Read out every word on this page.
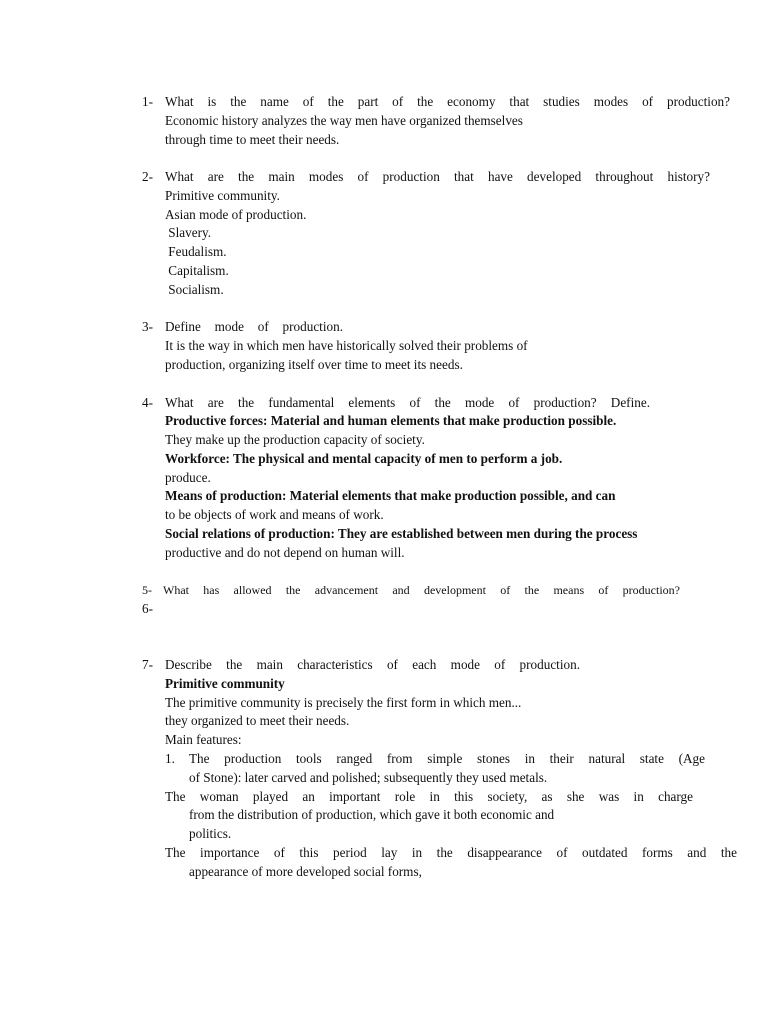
1- What is the name of the part of the economy that studies modes of production?
Economic history analyzes the way men have organized themselves
through time to meet their needs.
2- What are the main modes of production that have developed throughout history?
Primitive community.
Asian mode of production.
Slavery.
Feudalism.
Capitalism.
Socialism.
3- Define mode of production.
It is the way in which men have historically solved their problems of
production, organizing itself over time to meet its needs.
4- What are the fundamental elements of the mode of production? Define.
Productive forces: Material and human elements that make production possible.
They make up the production capacity of society.
Workforce: The physical and mental capacity of men to perform a job.
produce.
Means of production: Material elements that make production possible, and can
to be objects of work and means of work.
Social relations of production: They are established between men during the process
productive and do not depend on human will.
5- What has allowed the advancement and development of the means of production?
6-
7- Describe the main characteristics of each mode of production.
Primitive community
The primitive community is precisely the first form in which men...
they organized to meet their needs.
Main features:
1. The production tools ranged from simple stones in their natural state (Age
of Stone): later carved and polished; subsequently they used metals.
The woman played an important role in this society, as she was in charge
from the distribution of production, which gave it both economic and
politics.
The importance of this period lay in the disappearance of outdated forms and the
appearance of more developed social forms,
